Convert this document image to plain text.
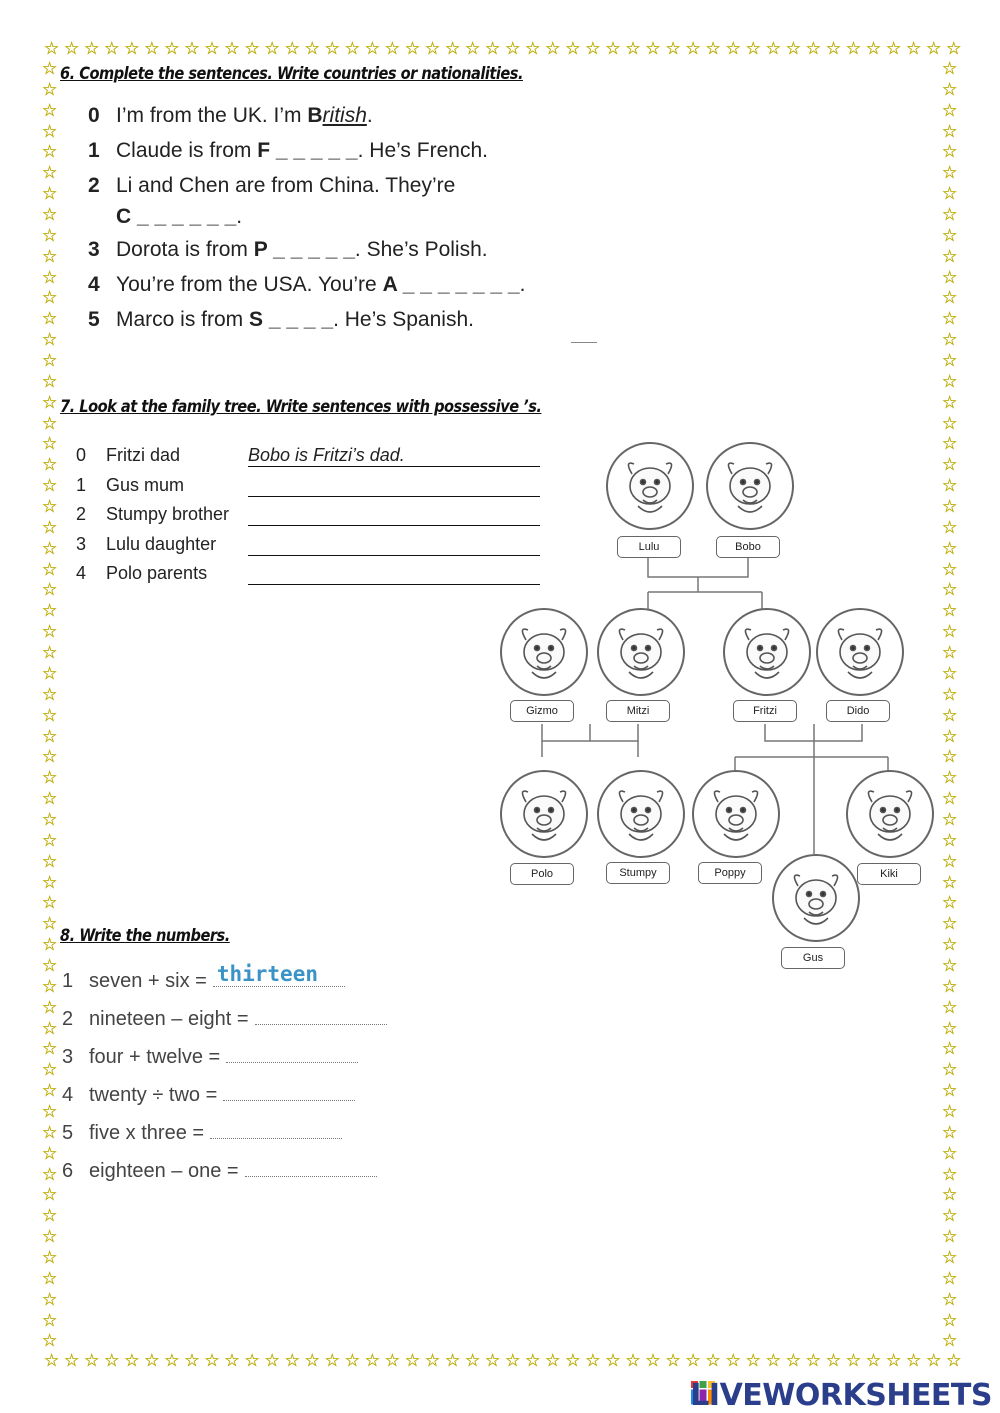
☆ ☆ ☆ ☆ ☆ ☆ ☆ ☆ ☆ ☆ ☆ ☆ ☆ ☆ ☆ ☆ ☆ ☆ ☆ ☆ ☆ ☆ ☆ ☆ ☆ ☆ ☆ ☆ ☆ ☆ ☆ ☆ ☆ ☆ ☆ ☆ ☆ ☆ ☆ ☆ ☆ ☆ ☆ ☆ ☆ ☆
☆ ☆ ☆ ☆ ☆ ☆ ☆ ☆ ☆ ☆ ☆ ☆ ☆ ☆ ☆ ☆ ☆ ☆ ☆ ☆ ☆ ☆ ☆ ☆ ☆ ☆ ☆ ☆ ☆ ☆ ☆ ☆ ☆ ☆ ☆ ☆ ☆ ☆ ☆ ☆ ☆ ☆ ☆ ☆ ☆ ☆
☆
☆
☆
☆
☆
☆
☆
☆
☆
☆
☆
☆
☆
☆
☆
☆
☆
☆
☆
☆
☆
☆
☆
☆
☆
☆
☆
☆
☆
☆
☆
☆
☆
☆
☆
☆
☆
☆
☆
☆
☆
☆
☆
☆
☆
☆
☆
☆
☆
☆
☆
☆
☆
☆
☆
☆
☆
☆
☆
☆
☆
☆
☆
☆
☆
☆
☆
☆
☆
☆
☆
☆
☆
☆
☆
☆
☆
☆
☆
☆
☆
☆
☆
☆
☆
☆
☆
☆
☆
☆
☆
☆
☆
☆
☆
☆
☆
☆
☆
☆
☆
☆
☆
☆
☆
☆
☆
☆
☆
☆
☆
☆
☆
☆
☆
☆
☆
☆
☆
☆
☆
☆
☆
☆
6. Complete the sentences. Write countries or nationalities.
0 I’m from the UK. I’m British.
1 Claude is from F _ _ _ _ _. He’s French.
2 Li and Chen are from China. They’re
C _ _ _ _ _ _.
3 Dorota is from P _ _ _ _ _. She’s Polish.
4 You’re from the USA. You’re A _ _ _ _ _ _ _.
5 Marco is from S _ _ _ _. He’s Spanish.
7. Look at the family tree. Write sentences with possessive ’s.
0 Fritzi dad	Bobo is Fritzi’s dad.
1 Gus mum
2 Stumpy brother
3 Lulu daughter
4 Polo parents
Lulu	Bobo
Gizmo	Mitzi	Fritzi	Dido
Polo	Stumpy	Poppy	Kiki
Gus
8. Write the numbers.
1 seven + six = thirteen
2 nineteen – eight =
3 four + twelve =
4 twenty ÷ two =
5 five x three =
6 eighteen – one =
LIVEWORKSHEETS
